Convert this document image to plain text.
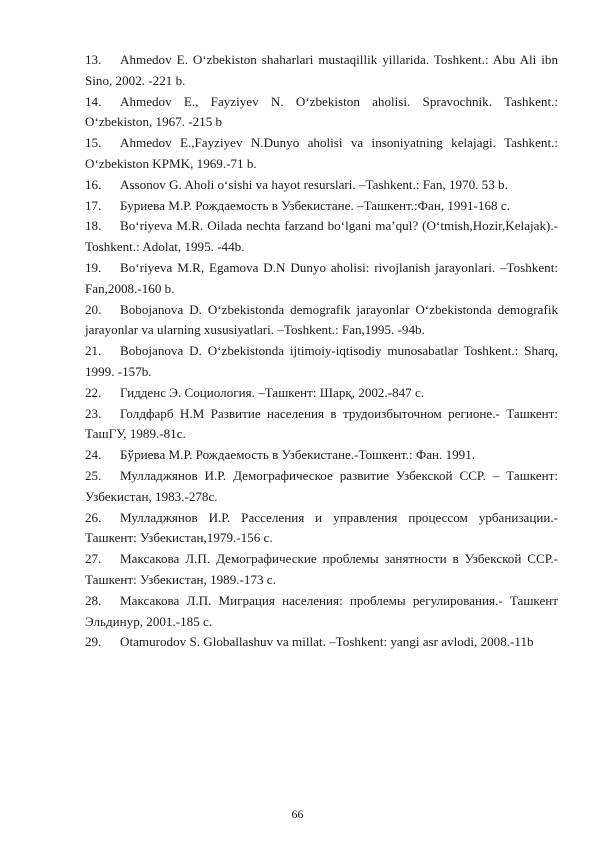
13. Ahmedov E. O‘zbekiston shaharlari mustaqillik yillarida. Toshkent.: Abu Ali ibn Sino, 2002. -221 b.

14. Ahmedov E., Fayziyev N. O‘zbekiston aholisi. Spravochnik. Tashkent.: O‘zbekiston, 1967. -215 b

15. Ahmedov E.,Fayziyev N.Dunyo aholisi va insoniyatning kelajagi. Tashkent.: O‘zbekiston KPMK, 1969.-71 b.

16. Assonov G. Aholi o‘sishi va hayot resurslari. –Tashkent.: Fan, 1970. 53 b.

17. Буриева М.Р. Рождаемость в Узбекистане. –Ташкент.:Фан, 1991-168 с.

18. Bo‘riyeva M.R. Oilada nechta farzand bo‘lgani ma’qul? (O‘tmish,Hozir,Kelajak).-Toshkent.: Adolat, 1995. -44b.

19. Bo‘riyeva M.R, Egamova D.N Dunyo aholisi: rivojlanish jarayonlari. –Toshkent: Fan,2008.-160 b.

20. Bobojanova D. O‘zbekistonda demografik jarayonlar O‘zbekistonda demografik jarayonlar va ularning xususiyatlari. –Toshkent.: Fan,1995. -94b.

21. Bobojanova D. O‘zbekistonda ijtimoiy-iqtisodiy munosabatlar Toshkent.: Sharq, 1999. -157b.

22. Гидденс Э. Социология. –Ташкент: Шарқ, 2002.-847 с.

23. Голдфарб Н.М Развитие населения в трудоизбыточном регионе.- Ташкент: ТашГУ, 1989.-81с.

24. Бўриева М.Р. Рождаемость в Узбекистане.-Тошкент.: Фан. 1991.

25. Мулладжянов И.Р. Демографическое развитие Узбекской ССР. – Ташкент: Узбекистан, 1983.-278с.

26. Мулладжянов И.Р. Расселения и управления процессом урбанизации.- Ташкент: Узбекистан,1979.-156 с.

27. Максакова Л.П. Демографические проблемы занятности в Узбекской ССР.- Ташкент: Узбекистан, 1989.-173 с.

28. Максакова Л.П. Миграция населения: проблемы регулирования.- Ташкент Эльдинур, 2001.-185 с.

29. Otamurodov S. Globallashuv va millat. –Toshkent: yangi asr avlodi, 2008.-11b

66
